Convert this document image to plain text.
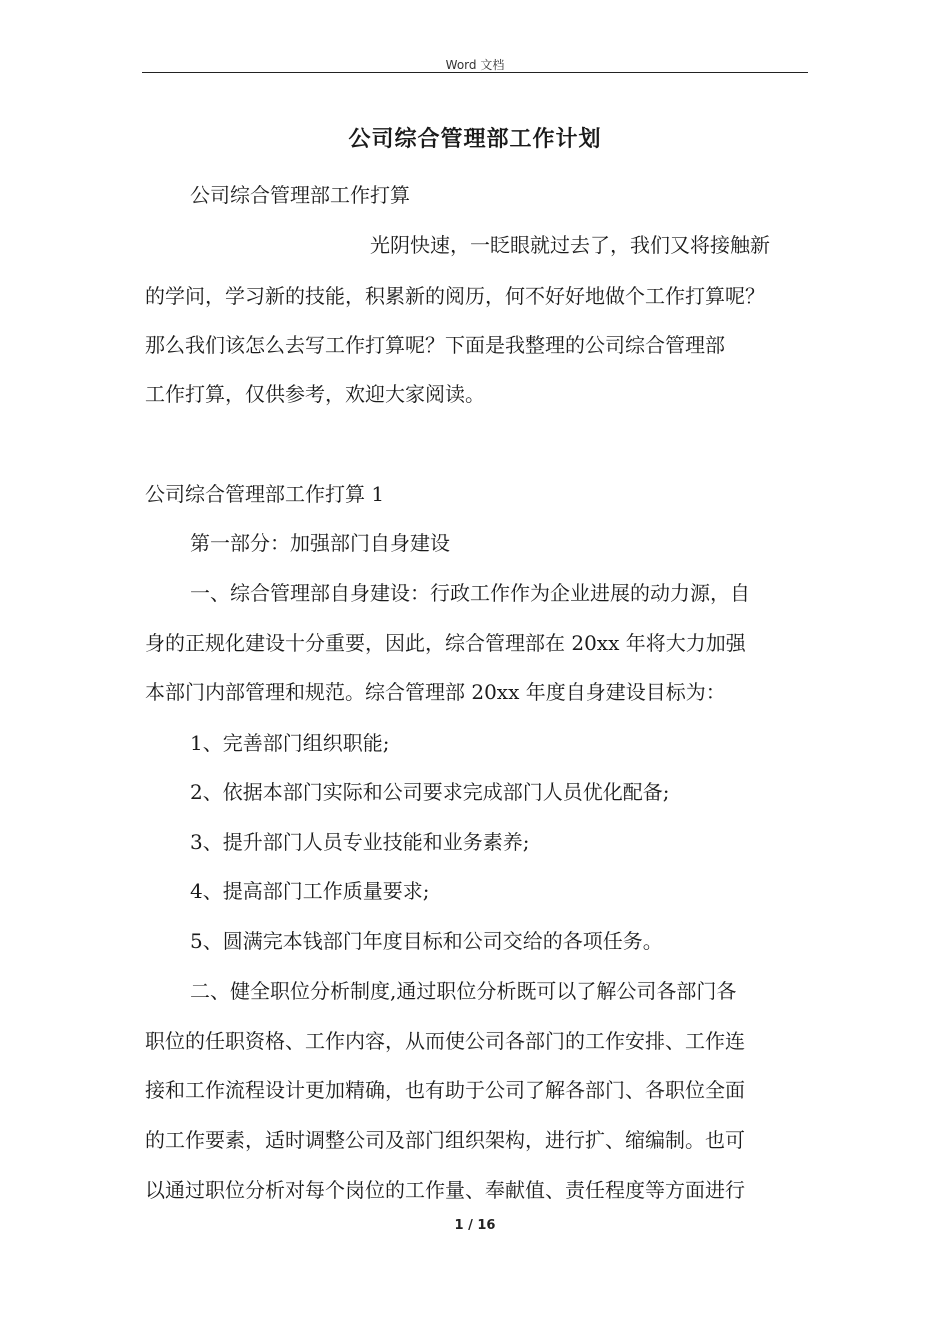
Word 文档
公司综合管理部工作计划
公司综合管理部工作打算
光阴快速，一眨眼就过去了，我们又将接触新
的学问，学习新的技能，积累新的阅历，何不好好地做个工作打算呢？
那么我们该怎么去写工作打算呢？下面是我整理的公司综合管理部
工作打算，仅供参考，欢迎大家阅读。
公司综合管理部工作打算 1
第一部分：加强部门自身建设
一、综合管理部自身建设：行政工作作为企业进展的动力源，自
身的正规化建设十分重要，因此，综合管理部在 20xx 年将大力加强
本部门内部管理和规范。综合管理部 20xx 年度自身建设目标为：
1、完善部门组织职能;
2、依据本部门实际和公司要求完成部门人员优化配备;
3、提升部门人员专业技能和业务素养;
4、提高部门工作质量要求;
5、圆满完本钱部门年度目标和公司交给的各项任务。
二、健全职位分析制度,通过职位分析既可以了解公司各部门各
职位的任职资格、工作内容，从而使公司各部门的工作安排、工作连
接和工作流程设计更加精确，也有助于公司了解各部门、各职位全面
的工作要素，适时调整公司及部门组织架构，进行扩、缩编制。也可
以通过职位分析对每个岗位的工作量、奉献值、责任程度等方面进行
1 / 16
